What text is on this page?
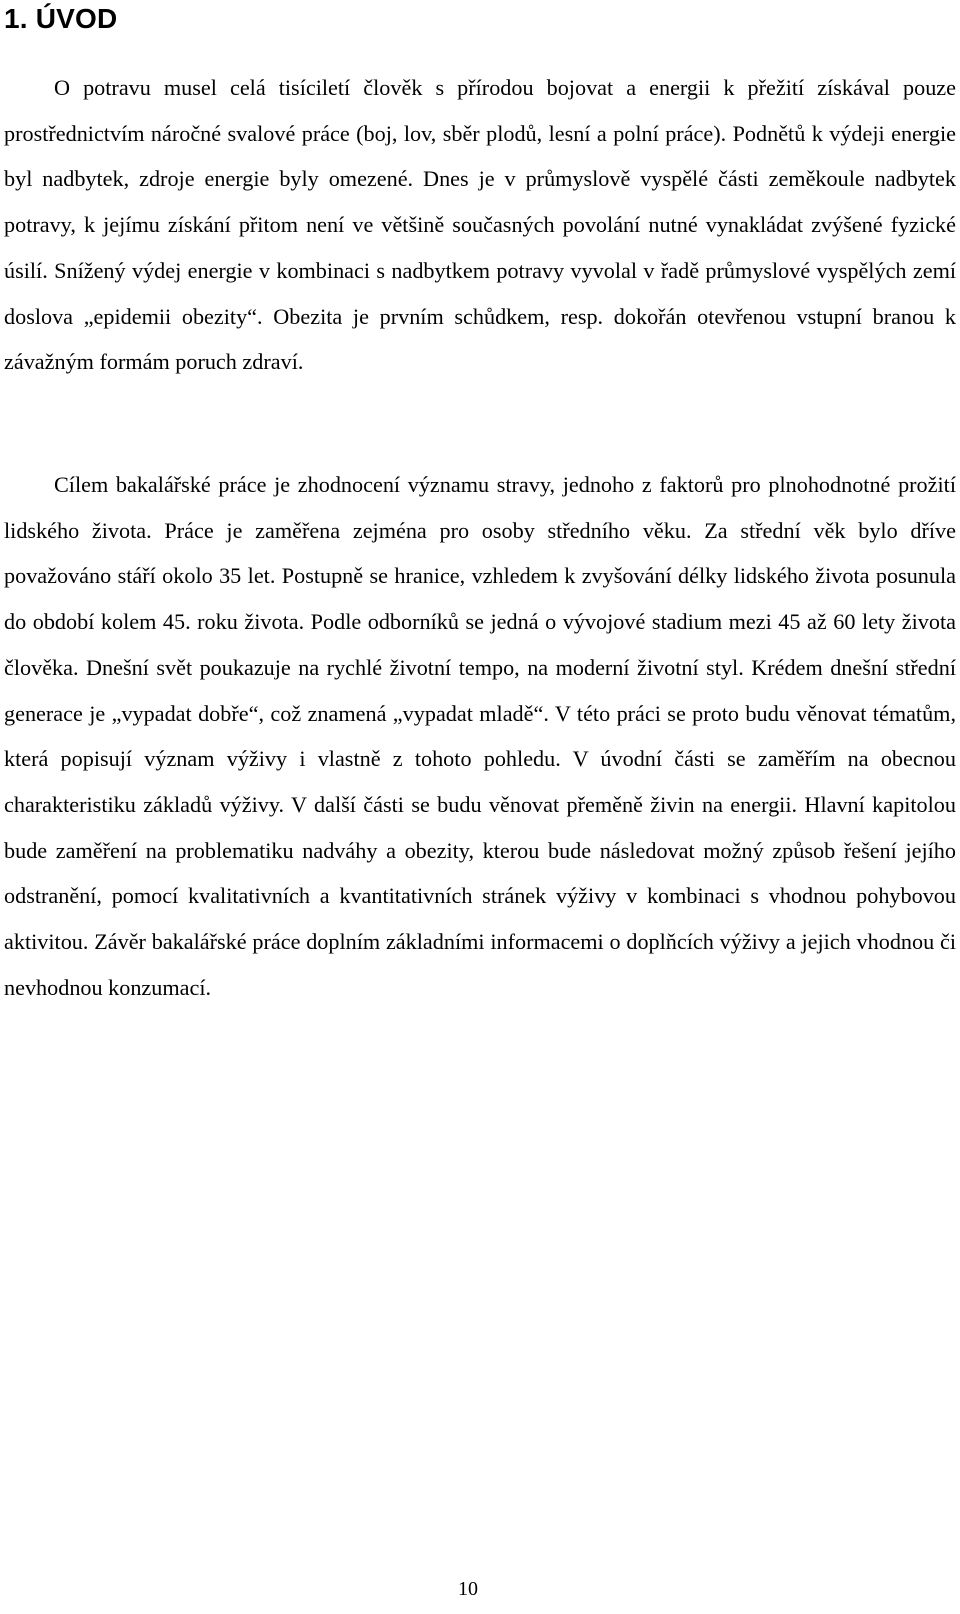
1. ÚVOD

O potravu musel celá tisíciletí člověk s přírodou bojovat a energii k přežití získával pouze prostřednictvím náročné svalové práce (boj, lov, sběr plodů, lesní a polní práce). Podnětů k výdeji energie byl nadbytek, zdroje energie byly omezené. Dnes je v průmyslově vyspělé části zeměkoule nadbytek potravy, k jejímu získání přitom není ve většině současných povolání nutné vynakládat zvýšené fyzické úsilí. Snížený výdej energie v kombinaci s nadbytkem potravy vyvolal v řadě průmyslové vyspělých zemí doslova „epidemii obezity“. Obezita je prvním schůdkem, resp. dokořán otevřenou vstupní branou k závažným formám poruch zdraví.

Cílem bakalářské práce je zhodnocení významu stravy, jednoho z faktorů pro plnohodnotné prožití lidského života. Práce je zaměřena zejména pro osoby středního věku. Za střední věk bylo dříve považováno stáří okolo 35 let. Postupně se hranice, vzhledem k zvyšování délky lidského života posunula do období kolem 45. roku života. Podle odborníků se jedná o vývojové stadium mezi 45 až 60 lety života člověka. Dnešní svět poukazuje na rychlé životní tempo, na moderní životní styl. Krédem dnešní střední generace je „vypadat dobře“, což znamená „vypadat mladě“. V této práci se proto budu věnovat tématům, která popisují význam výživy i vlastně z tohoto pohledu. V úvodní části se zaměřím na obecnou charakteristiku základů výživy. V další části se budu věnovat přeměně živin na energii. Hlavní kapitolou bude zaměření na problematiku nadváhy a obezity, kterou bude následovat možný způsob řešení jejího odstranění, pomocí kvalitativních a kvantitativních stránek výživy v kombinaci s vhodnou pohybovou aktivitou. Závěr bakalářské práce doplním základními informacemi o doplňcích výživy a jejich vhodnou či nevhodnou konzumací.

10
